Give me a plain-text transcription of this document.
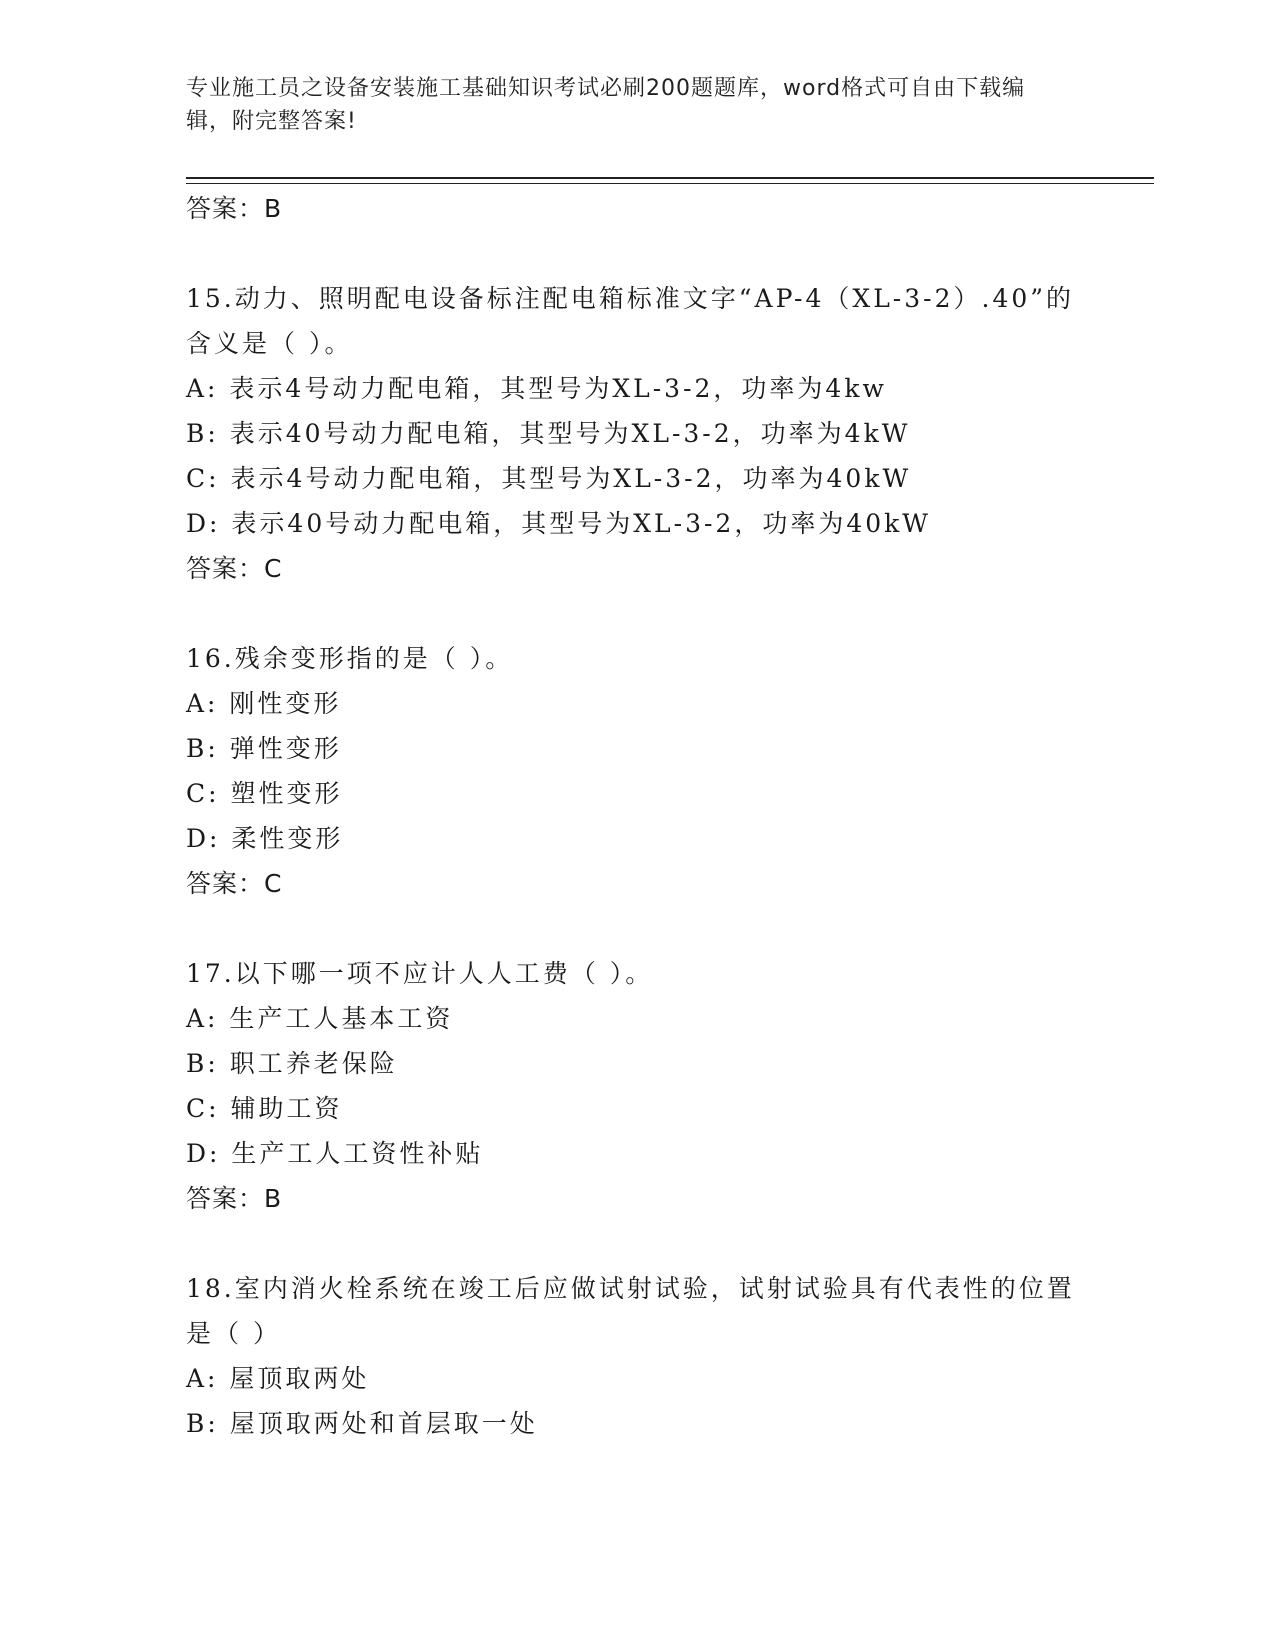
专业施工员之设备安装施工基础知识考试必刷200题题库，word格式可自由下载编辑，附完整答案!
答案：B
15.动力、照明配电设备标注配电箱标准文字“AP-4（XL-3-2）.40”的含义是（ ）。
A: 表示4号动力配电箱，其型号为XL-3-2，功率为4kw
B: 表示40号动力配电箱，其型号为XL-3-2，功率为4kW
C: 表示4号动力配电箱，其型号为XL-3-2，功率为40kW
D: 表示40号动力配电箱，其型号为XL-3-2，功率为40kW
答案：C
16.残余变形指的是（ ）。
A: 刚性变形
B: 弹性变形
C: 塑性变形
D: 柔性变形
答案：C
17.以下哪一项不应计人人工费（ ）。
A: 生产工人基本工资
B: 职工养老保险
C: 辅助工资
D: 生产工人工资性补贴
答案：B
18.室内消火栓系统在竣工后应做试射试验，试射试验具有代表性的位置是（ ）
A: 屋顶取两处
B: 屋顶取两处和首层取一处
